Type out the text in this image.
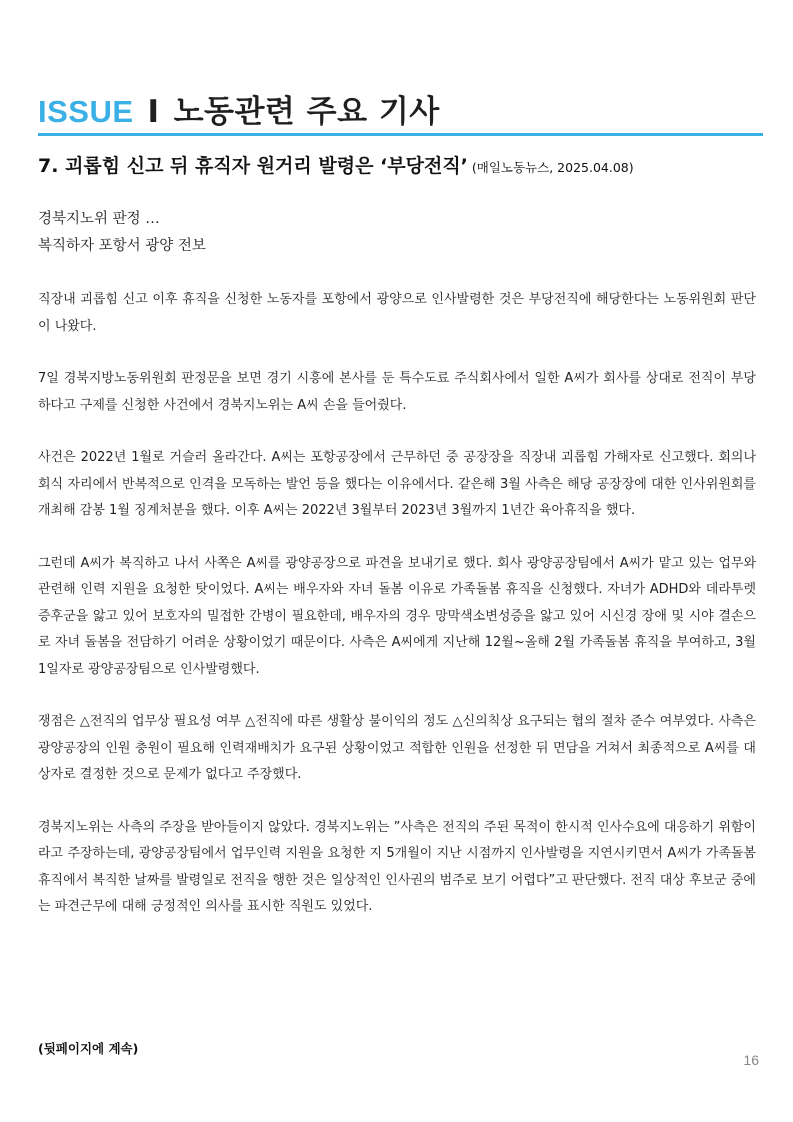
ISSUE I 노동관련 주요 기사
7. 괴롭힘 신고 뒤 휴직자 원거리 발령은 ‘부당전직’ (매일노동뉴스, 2025.04.08)
경북지노위 판정 …
복직하자 포항서 광양 전보

직장내 괴롭힘 신고 이후 휴직을 신청한 노동자를 포항에서 광양으로 인사발령한 것은 부당전직에 해당한다는 노동위원회 판단이 나왔다.

7일 경북지방노동위원회 판정문을 보면 경기 시흥에 본사를 둔 특수도료 주식회사에서 일한 A씨가 회사를 상대로 전직이 부당하다고 구제를 신청한 사건에서 경북지노위는 A씨 손을 들어줬다.

사건은 2022년 1월로 거슬러 올라간다. A씨는 포항공장에서 근무하던 중 공장장을 직장내 괴롭힘 가해자로 신고했다. 회의나 회식 자리에서 반복적으로 인격을 모독하는 발언 등을 했다는 이유에서다. 같은해 3월 사측은 해당 공장장에 대한 인사위원회를 개최해 감봉 1월 징계처분을 했다. 이후 A씨는 2022년 3월부터 2023년 3월까지 1년간 육아휴직을 했다.

그런데 A씨가 복직하고 나서 사쪽은 A씨를 광양공장으로 파견을 보내기로 했다. 회사 광양공장팀에서 A씨가 맡고 있는 업무와 관련해 인력 지원을 요청한 탓이었다. A씨는 배우자와 자녀 돌봄 이유로 가족돌봄 휴직을 신청했다. 자녀가 ADHD와 데라투렛증후군을 앓고 있어 보호자의 밀접한 간병이 필요한데, 배우자의 경우 망막색소변성증을 앓고 있어 시신경 장애 및 시야 결손으로 자녀 돌봄을 전담하기 어려운 상황이었기 때문이다. 사측은 A씨에게 지난해 12월~올해 2월 가족돌봄 휴직을 부여하고, 3월1일자로 광양공장팀으로 인사발령했다.

쟁점은 △전직의 업무상 필요성 여부 △전직에 따른 생활상 불이익의 정도 △신의칙상 요구되는 협의 절차 준수 여부였다. 사측은 광양공장의 인원 충원이 필요해 인력재배치가 요구된 상황이었고 적합한 인원을 선정한 뒤 면담을 거쳐서 최종적으로 A씨를 대상자로 결정한 것으로 문제가 없다고 주장했다.

경북지노위는 사측의 주장을 받아들이지 않았다. 경북지노위는 ”사측은 전직의 주된 목적이 한시적 인사수요에 대응하기 위함이라고 주장하는데, 광양공장팀에서 업무인력 지원을 요청한 지 5개월이 지난 시점까지 인사발령을 지연시키면서 A씨가 가족돌봄휴직에서 복직한 날짜를 발령일로 전직을 행한 것은 일상적인 인사권의 범주로 보기 어렵다”고 판단했다. 전직 대상 후보군 중에는 파견근무에 대해 긍정적인 의사를 표시한 직원도 있었다.

(뒷페이지에 계속)
16
